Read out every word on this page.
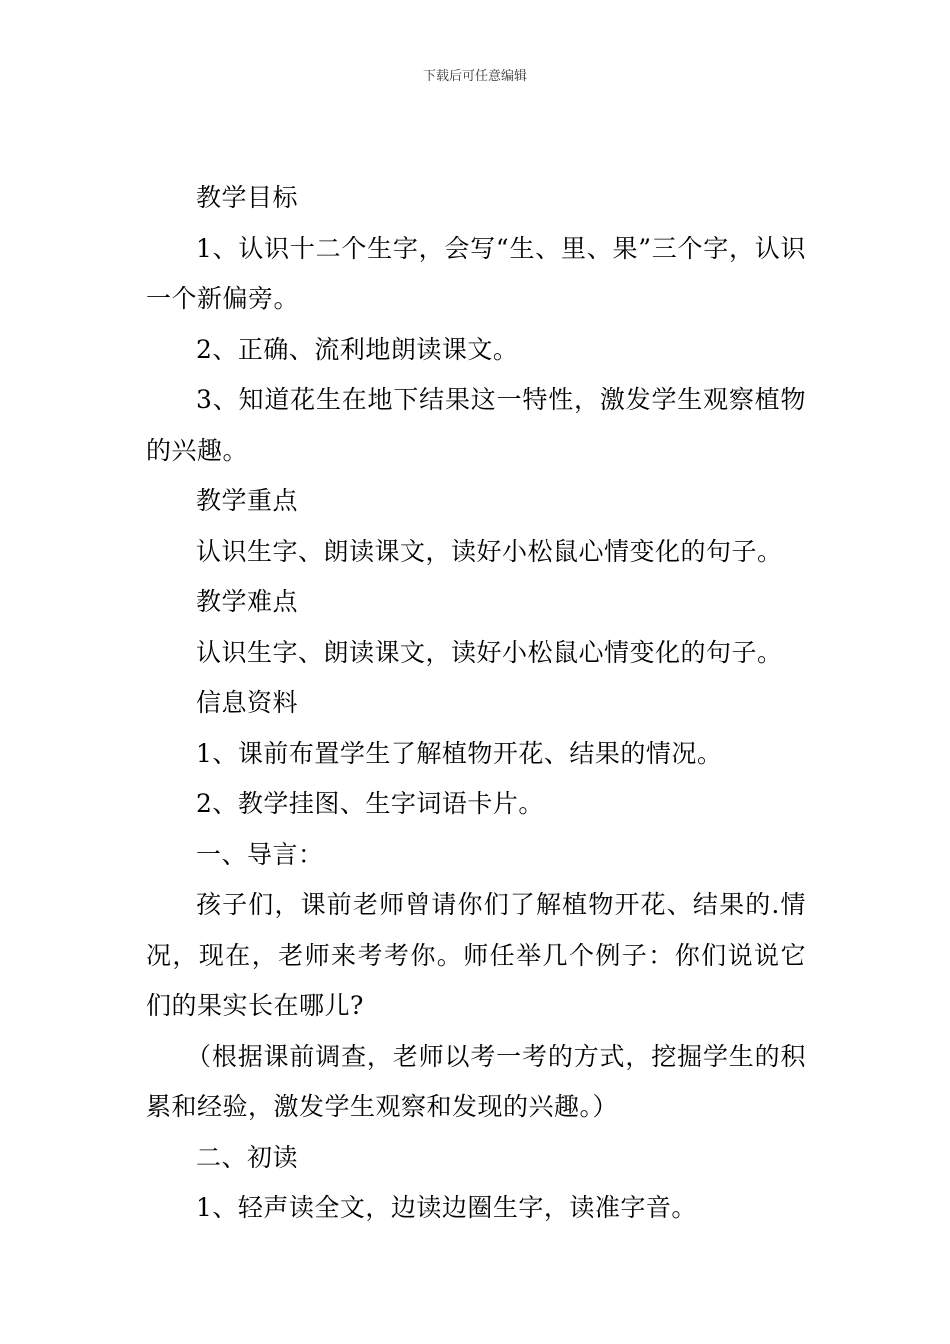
下载后可任意编辑

教学目标

1、认识十二个生字，会写“生、里、果”三个字，认识一个新偏旁。

2、正确、流利地朗读课文。

3、知道花生在地下结果这一特性，激发学生观察植物的兴趣。

教学重点

认识生字、朗读课文，读好小松鼠心情变化的句子。

教学难点

认识生字、朗读课文，读好小松鼠心情变化的句子。

信息资料

1、课前布置学生了解植物开花、结果的情况。

2、教学挂图、生字词语卡片。

一、导言：

孩子们，课前老师曾请你们了解植物开花、结果的.情况，现在，老师来考考你。师任举几个例子：你们说说它们的果实长在哪儿?

（根据课前调查，老师以考一考的方式，挖掘学生的积累和经验，激发学生观察和发现的兴趣。）

二、初读

1、轻声读全文，边读边圈生字，读准字音。
